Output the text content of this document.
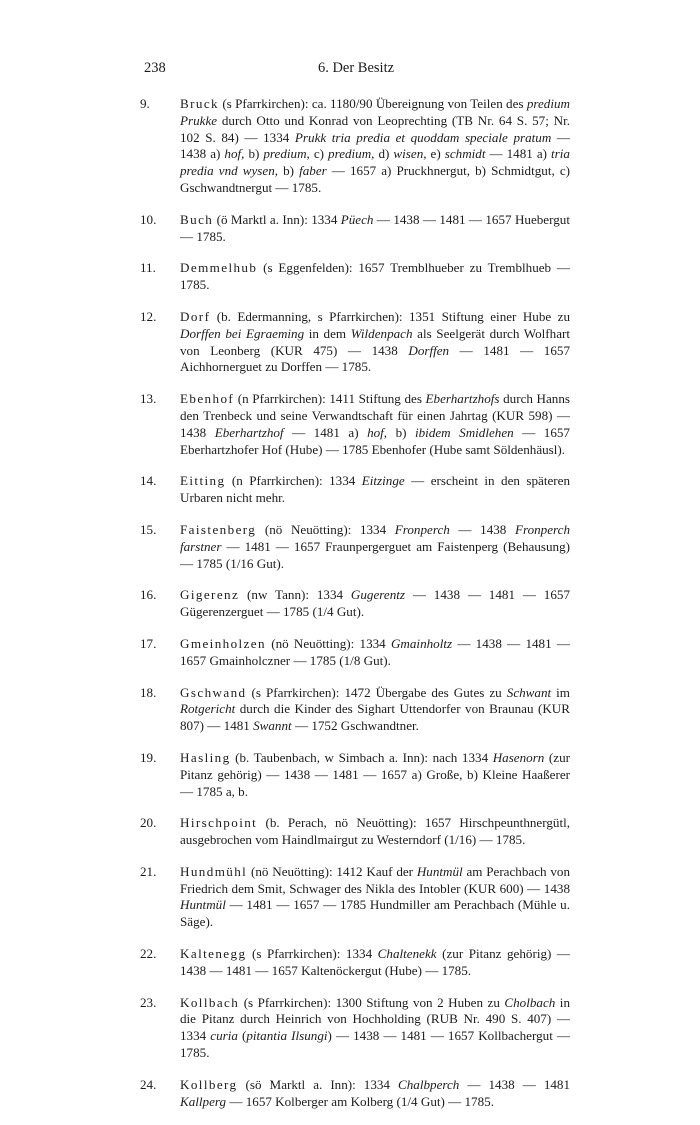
238	6. Der Besitz
9. Bruck (s Pfarrkirchen): ca. 1180/90 Übereignung von Teilen des predium Prukke durch Otto und Konrad von Leoprechting (TB Nr. 64 S. 57; Nr. 102 S. 84) — 1334 Prukk tria predia et quoddam speciale pratum — 1438 a) hof, b) predium, c) predium, d) wisen, e) schmidt — 1481 a) tria predia vnd wysen, b) faber — 1657 a) Pruckhnergut, b) Schmidtgut, c) Gschwandtnergut — 1785.
10. Buch (ö Marktl a. Inn): 1334 Püech — 1438 — 1481 — 1657 Huebergut — 1785.
11. Demmelhub (s Eggenfelden): 1657 Tremblhueber zu Tremblhueb — 1785.
12. Dorf (b. Edermanning, s Pfarrkirchen): 1351 Stiftung einer Hube zu Dorffen bei Egraeming in dem Wildenpach als Seelgerät durch Wolfhart von Leonberg (KUR 475) — 1438 Dorffen — 1481 — 1657 Aichhornerguet zu Dorffen — 1785.
13. Ebenhof (n Pfarrkirchen): 1411 Stiftung des Eberhartzhofs durch Hanns den Trenbeck und seine Verwandtschaft für einen Jahrtag (KUR 598) — 1438 Eberhartzhof — 1481 a) hof, b) ibidem Smidlehen — 1657 Eberhartzhofer Hof (Hube) — 1785 Ebenhofer (Hube samt Söldenhäusl).
14. Eitting (n Pfarrkirchen): 1334 Eitzinge — erscheint in den späteren Urbaren nicht mehr.
15. Faistenberg (nö Neuötting): 1334 Fronperch — 1438 Fronperch farstner — 1481 — 1657 Fraunpergerguet am Faistenperg (Behausung) — 1785 (1/16 Gut).
16. Gigerenz (nw Tann): 1334 Gugerentz — 1438 — 1481 — 1657 Gügerenzerguet — 1785 (1/4 Gut).
17. Gmeinholzen (nö Neuötting): 1334 Gmainholtz — 1438 — 1481 — 1657 Gmainholczner — 1785 (1/8 Gut).
18. Gschwand (s Pfarrkirchen): 1472 Übergabe des Gutes zu Schwant im Rotgericht durch die Kinder des Sighart Uttendorfer von Braunau (KUR 807) — 1481 Swannt — 1752 Gschwandtner.
19. Hasling (b. Taubenbach, w Simbach a. Inn): nach 1334 Hasenorn (zur Pitanz gehörig) — 1438 — 1481 — 1657 a) Große, b) Kleine Haaßerer — 1785 a, b.
20. Hirschpoint (b. Perach, nö Neuötting): 1657 Hirschpeunthnergütl, ausgebrochen vom Haindlmairgut zu Westerndorf (1/16) — 1785.
21. Hundmühl (nö Neuötting): 1412 Kauf der Huntmül am Perachbach von Friedrich dem Smit, Schwager des Nikla des Intobler (KUR 600) — 1438 Huntmül — 1481 — 1657 — 1785 Hundmiller am Perachbach (Mühle u. Säge).
22. Kaltenegg (s Pfarrkirchen): 1334 Chaltenekk (zur Pitanz gehörig) — 1438 — 1481 — 1657 Kaltenöckergut (Hube) — 1785.
23. Kollbach (s Pfarrkirchen): 1300 Stiftung von 2 Huben zu Cholbach in die Pitanz durch Heinrich von Hochholding (RUB Nr. 490 S. 407) — 1334 curia (pitantia Ilsungi) — 1438 — 1481 — 1657 Kollbachergut — 1785.
24. Kollberg (sö Marktl a. Inn): 1334 Chalbperch — 1438 — 1481 Kallperg — 1657 Kolberger am Kolberg (1/4 Gut) — 1785.
